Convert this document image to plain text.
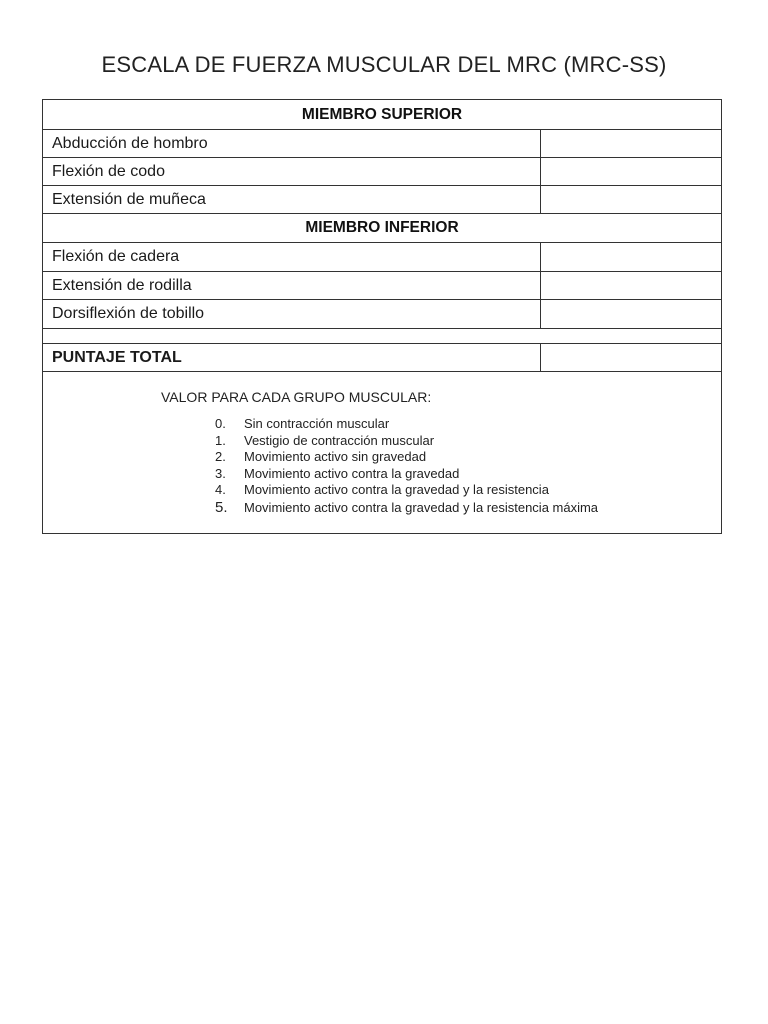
ESCALA DE FUERZA MUSCULAR DEL MRC (MRC-SS)
MIEMBRO SUPERIOR
Abducción de hombro
Flexión de codo
Extensión de muñeca
MIEMBRO INFERIOR
Flexión de cadera
Extensión de rodilla
Dorsiflexión de tobillo
PUNTAJE TOTAL
VALOR PARA CADA GRUPO MUSCULAR:
0. Sin contracción muscular
1. Vestigio de contracción muscular
2. Movimiento activo sin gravedad
3. Movimiento activo contra la gravedad
4. Movimiento activo contra la gravedad y la resistencia
5. Movimiento activo contra la gravedad y la resistencia máxima
